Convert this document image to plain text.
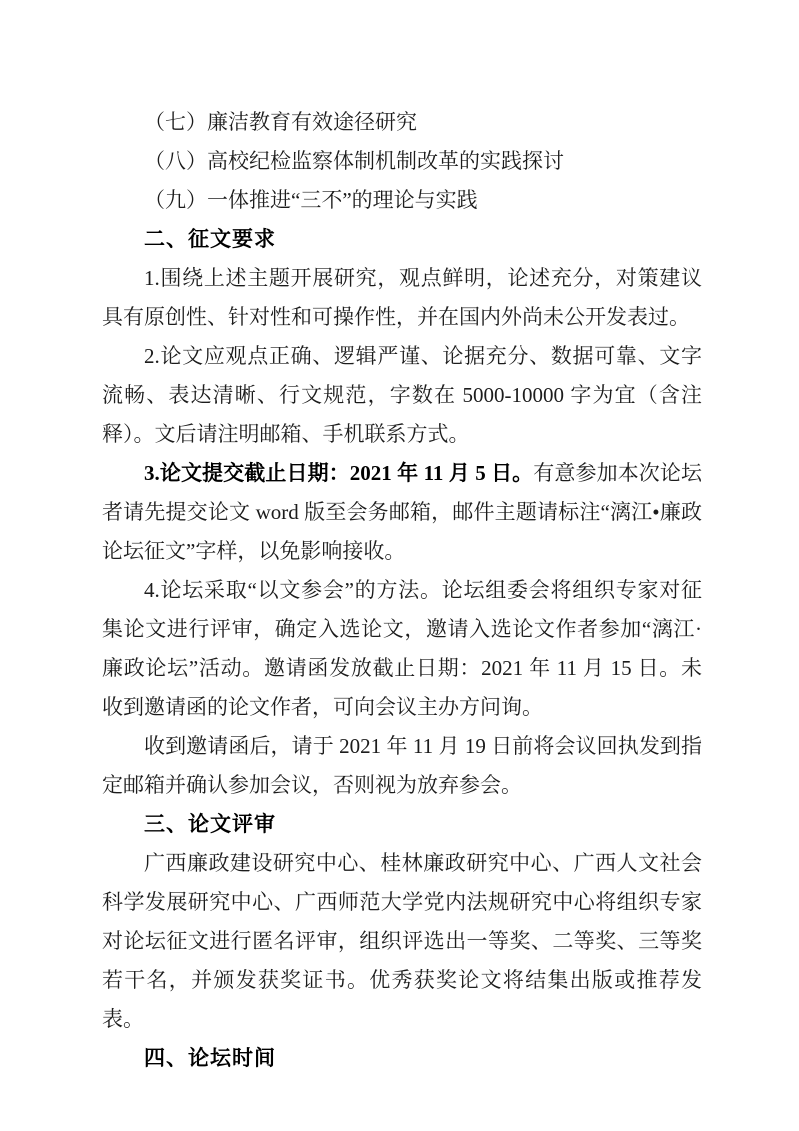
（七）廉洁教育有效途径研究

（八）高校纪检监察体制机制改革的实践探讨

（九）一体推进“三不”的理论与实践

二、征文要求

1.围绕上述主题开展研究，观点鲜明，论述充分，对策建议具有原创性、针对性和可操作性，并在国内外尚未公开发表过。

2.论文应观点正确、逻辑严谨、论据充分、数据可靠、文字流畅、表达清晰、行文规范，字数在 5000-10000 字为宜（含注释）。文后请注明邮箱、手机联系方式。

3.论文提交截止日期：2021 年 11 月 5 日。有意参加本次论坛者请先提交论文 word 版至会务邮箱，邮件主题请标注“漓江•廉政论坛征文”字样，以免影响接收。

4.论坛采取“以文参会”的方法。论坛组委会将组织专家对征集论文进行评审，确定入选论文，邀请入选论文作者参加“漓江·廉政论坛”活动。邀请函发放截止日期：2021 年 11 月 15 日。未收到邀请函的论文作者，可向会议主办方问询。

收到邀请函后，请于 2021 年 11 月 19 日前将会议回执发到指定邮箱并确认参加会议，否则视为放弃参会。

三、论文评审

广西廉政建设研究中心、桂林廉政研究中心、广西人文社会科学发展研究中心、广西师范大学党内法规研究中心将组织专家对论坛征文进行匿名评审，组织评选出一等奖、二等奖、三等奖若干名，并颁发获奖证书。优秀获奖论文将结集出版或推荐发表。

四、论坛时间
